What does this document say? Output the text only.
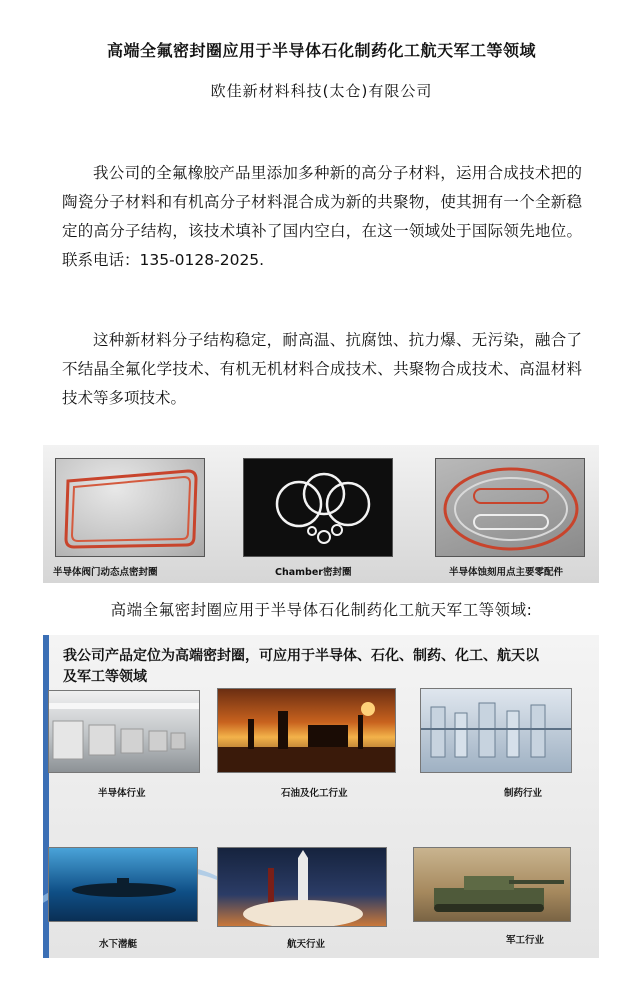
高端全氟密封圈应用于半导体石化制药化工航天军工等领域
欧佳新材料科技(太仓)有限公司

我公司的全氟橡胶产品里添加多种新的高分子材料，运用合成技术把的陶瓷分子材料和有机高分子材料混合成为新的共聚物，使其拥有一个全新稳定的高分子结构，该技术填补了国内空白，在这一领域处于国际领先地位。联系电话：135-0128-2025.

这种新材料分子结构稳定，耐高温、抗腐蚀、抗力爆、无污染，融合了不结晶全氟化学技术、有机无机材料合成技术、共聚物合成技术、高温材料技术等多项技术。

半导体阀门动态点密封圈	Chamber密封圈	半导体蚀刻用点主要零配件
高端全氟密封圈应用于半导体石化制药化工航天军工等领域:
我公司产品定位为高端密封圈，可应用于半导体、石化、制药、化工、航天以及军工等领域
半导体行业	石油及化工行业	制药行业
水下潜艇	航天行业	军工行业
